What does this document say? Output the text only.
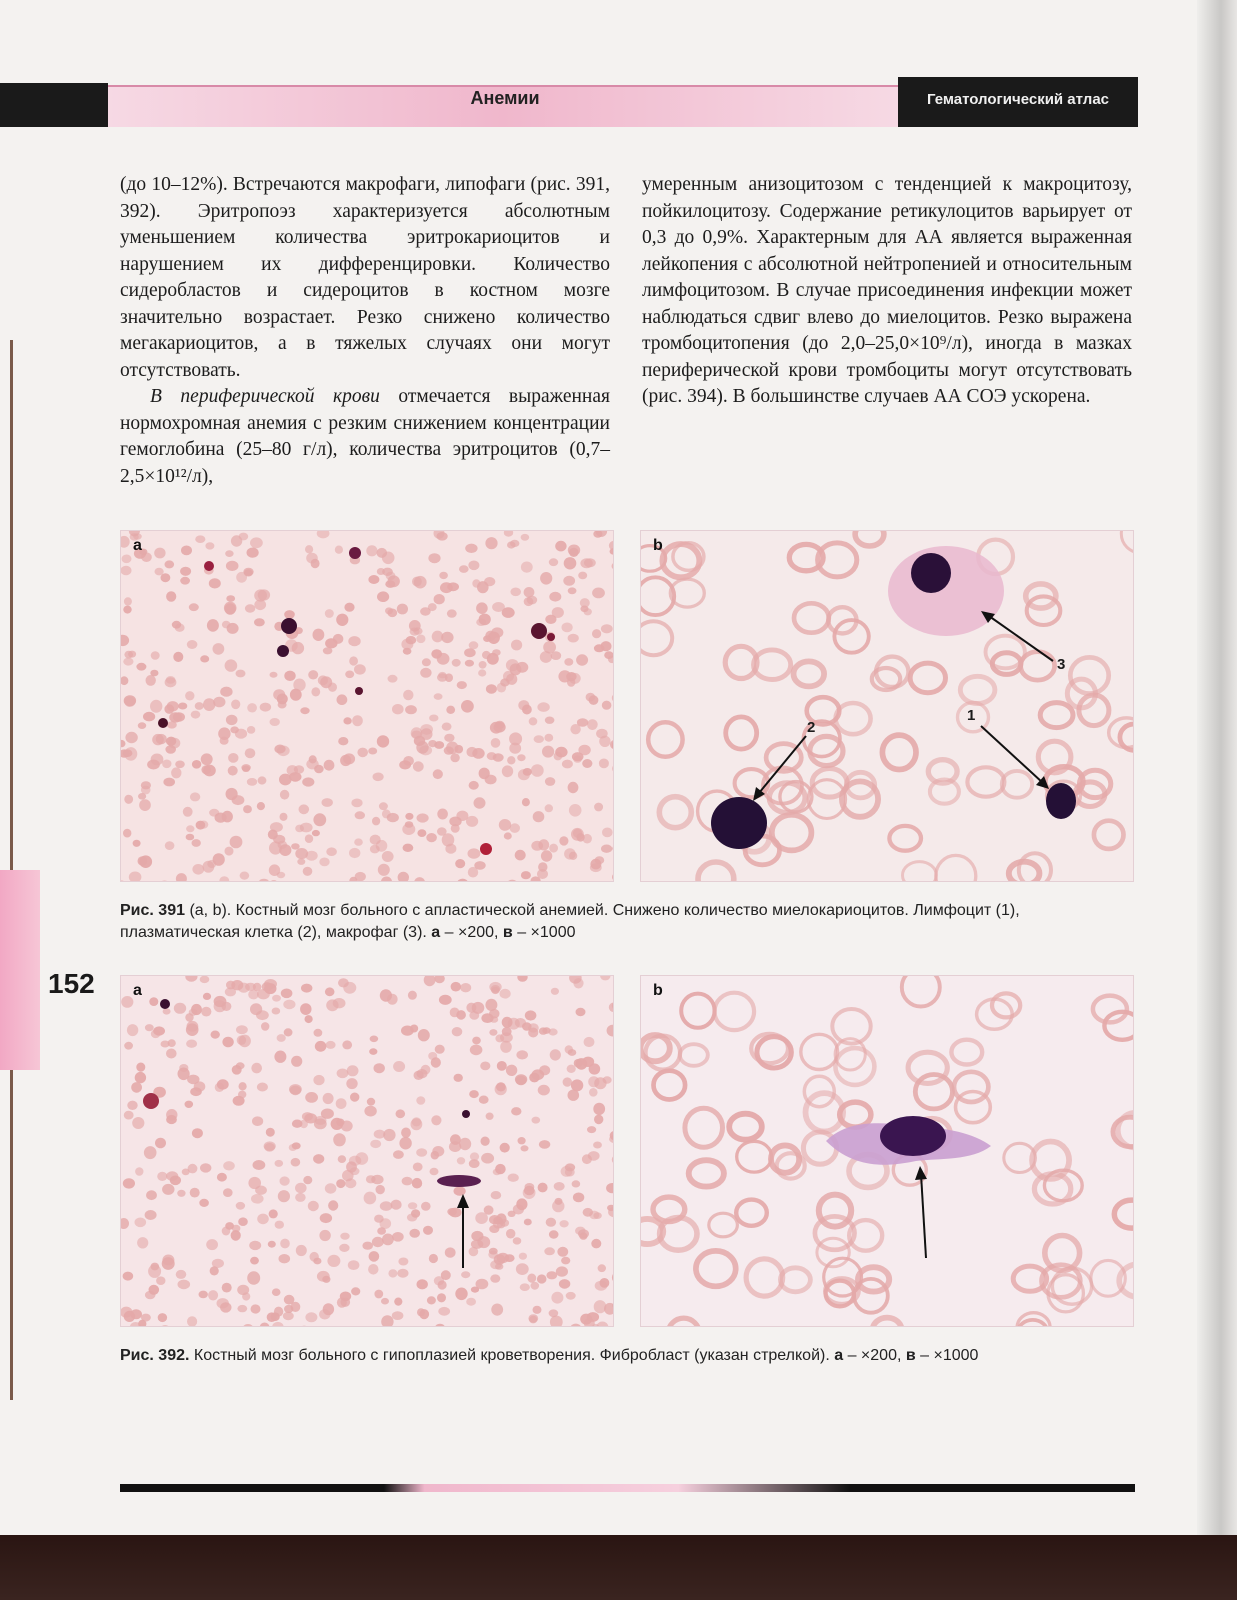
Анемии	Гематологический атлас
152

(до 10–12%). Встречаются макрофаги, липофаги (рис. 391, 392). Эритропоэз характеризуется абсолютным уменьшением количества эритрокариоцитов и нарушением их дифференцировки. Количество сидеробластов и сидероцитов в костном мозге значительно возрастает. Резко снижено количество мегакариоцитов, а в тяжелых случаях они могут отсутствовать.

В периферической крови отмечается выраженная нормохромная анемия с резким снижением концентрации гемоглобина (25–80 г/л), количества эритроцитов (0,7–2,5×10¹²/л),

умеренным анизоцитозом с тенденцией к макроцитозу, пойкилоцитозу. Содержание ретикулоцитов варьирует от 0,3 до 0,9%. Характерным для АА является выраженная лейкопения с абсолютной нейтропенией и относительным лимфоцитозом. В случае присоединения инфекции может наблюдаться сдвиг влево до миелоцитов. Резко выражена тромбоцитопения (до 2,0–25,0×10⁹/л), иногда в мазках периферической крови тромбоциты могут отсутствовать (рис. 394). В большинстве случаев АА СОЭ ускорена.

a	b
3
2
1
Рис. 391 (a, b). Костный мозг больного с апластической анемией. Снижено количество миелокариоцитов. Лимфоцит (1), плазматическая клетка (2), макрофаг (3). a – ×200, в – ×1000
a	b
Рис. 392. Костный мозг больного с гипоплазией кроветворения. Фибробласт (указан стрелкой). a – ×200, в – ×1000
